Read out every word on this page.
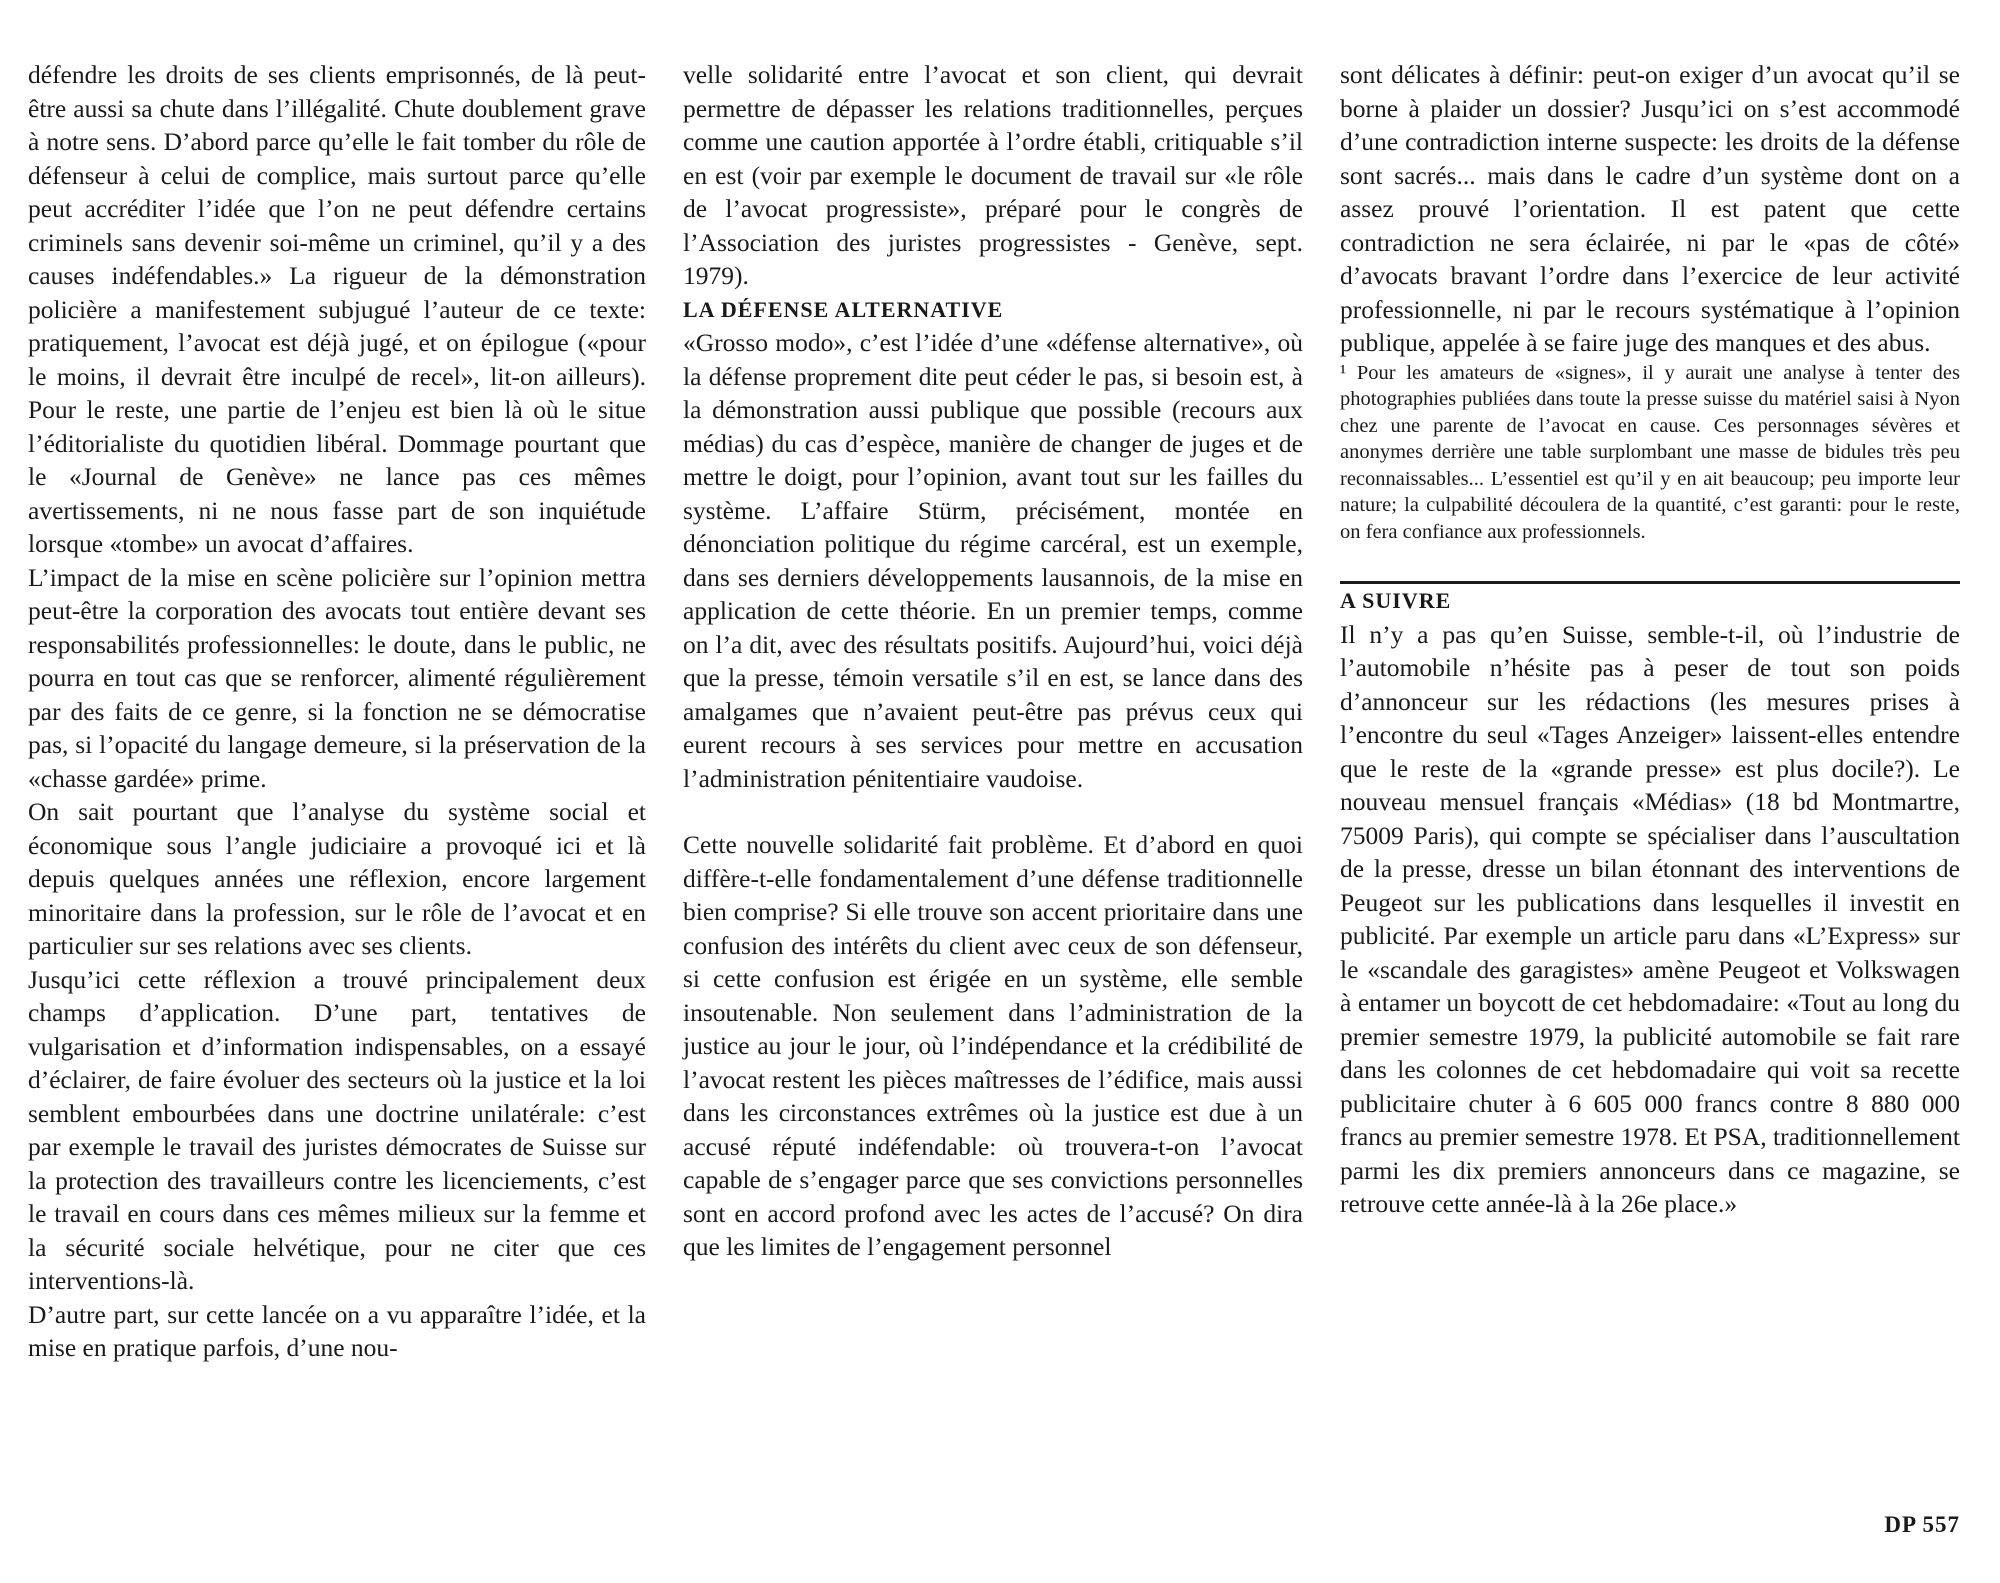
défendre les droits de ses clients emprisonnés, de là peut-être aussi sa chute dans l’illégalité. Chute doublement grave à notre sens. D’abord parce qu’elle le fait tomber du rôle de défenseur à celui de complice, mais surtout parce qu’elle peut accréditer l’idée que l’on ne peut défendre certains criminels sans devenir soi-même un criminel, qu’il y a des causes indéfendables.» La rigueur de la démonstration policière a manifestement subjugué l’auteur de ce texte: pratiquement, l’avocat est déjà jugé, et on épilogue («pour le moins, il devrait être inculpé de recel», lit-on ailleurs). Pour le reste, une partie de l’enjeu est bien là où le situe l’éditorialiste du quotidien libéral. Dommage pourtant que le «Journal de Genève» ne lance pas ces mêmes avertissements, ni ne nous fasse part de son inquiétude lorsque «tombe» un avocat d’affaires.

L’impact de la mise en scène policière sur l’opinion mettra peut-être la corporation des avocats tout entière devant ses responsabilités professionnelles: le doute, dans le public, ne pourra en tout cas que se renforcer, alimenté régulièrement par des faits de ce genre, si la fonction ne se démocratise pas, si l’opacité du langage demeure, si la préservation de la «chasse gardée» prime.

On sait pourtant que l’analyse du système social et économique sous l’angle judiciaire a provoqué ici et là depuis quelques années une réflexion, encore largement minoritaire dans la profession, sur le rôle de l’avocat et en particulier sur ses relations avec ses clients.

Jusqu’ici cette réflexion a trouvé principalement deux champs d’application. D’une part, tentatives de vulgarisation et d’information indispensables, on a essayé d’éclairer, de faire évoluer des secteurs où la justice et la loi semblent embourbées dans une doctrine unilatérale: c’est par exemple le travail des juristes démocrates de Suisse sur la protection des travailleurs contre les licenciements, c’est le travail en cours dans ces mêmes milieux sur la femme et la sécurité sociale helvétique, pour ne citer que ces interventions-là.

D’autre part, sur cette lancée on a vu apparaître l’idée, et la mise en pratique parfois, d’une nou-

velle solidarité entre l’avocat et son client, qui devrait permettre de dépasser les relations traditionnelles, perçues comme une caution apportée à l’ordre établi, critiquable s’il en est (voir par exemple le document de travail sur «le rôle de l’avocat progressiste», préparé pour le congrès de l’Association des juristes progressistes - Genève, sept. 1979).

LA DÉFENSE ALTERNATIVE

«Grosso modo», c’est l’idée d’une «défense alternative», où la défense proprement dite peut céder le pas, si besoin est, à la démonstration aussi publique que possible (recours aux médias) du cas d’espèce, manière de changer de juges et de mettre le doigt, pour l’opinion, avant tout sur les failles du système. L’affaire Stürm, précisément, montée en dénonciation politique du régime carcéral, est un exemple, dans ses derniers développements lausannois, de la mise en application de cette théorie. En un premier temps, comme on l’a dit, avec des résultats positifs. Aujourd’hui, voici déjà que la presse, témoin versatile s’il en est, se lance dans des amalgames que n’avaient peut-être pas prévus ceux qui eurent recours à ses services pour mettre en accusation l’administration pénitentiaire vaudoise.

Cette nouvelle solidarité fait problème. Et d’abord en quoi diffère-t-elle fondamentalement d’une défense traditionnelle bien comprise? Si elle trouve son accent prioritaire dans une confusion des intérêts du client avec ceux de son défenseur, si cette confusion est érigée en un système, elle semble insoutenable. Non seulement dans l’administration de la justice au jour le jour, où l’indépendance et la crédibilité de l’avocat restent les pièces maîtresses de l’édifice, mais aussi dans les circonstances extrêmes où la justice est due à un accusé réputé indéfendable: où trouvera-t-on l’avocat capable de s’engager parce que ses convictions personnelles sont en accord profond avec les actes de l’accusé? On dira que les limites de l’engagement personnel

sont délicates à définir: peut-on exiger d’un avocat qu’il se borne à plaider un dossier? Jusqu’ici on s’est accommodé d’une contradiction interne suspecte: les droits de la défense sont sacrés... mais dans le cadre d’un système dont on a assez prouvé l’orientation. Il est patent que cette contradiction ne sera éclairée, ni par le «pas de côté» d’avocats bravant l’ordre dans l’exercice de leur activité professionnelle, ni par le recours systématique à l’opinion publique, appelée à se faire juge des manques et des abus.

¹ Pour les amateurs de «signes», il y aurait une analyse à tenter des photographies publiées dans toute la presse suisse du matériel saisi à Nyon chez une parente de l’avocat en cause. Ces personnages sévères et anonymes derrière une table surplombant une masse de bidules très peu reconnaissables... L’essentiel est qu’il y en ait beaucoup; peu importe leur nature; la culpabilité découlera de la quantité, c’est garanti: pour le reste, on fera confiance aux professionnels.

A SUIVRE

Il n’y a pas qu’en Suisse, semble-t-il, où l’industrie de l’automobile n’hésite pas à peser de tout son poids d’annonceur sur les rédactions (les mesures prises à l’encontre du seul «Tages Anzeiger» laissent-elles entendre que le reste de la «grande presse» est plus docile?). Le nouveau mensuel français «Médias» (18 bd Montmartre, 75009 Paris), qui compte se spécialiser dans l’auscultation de la presse, dresse un bilan étonnant des interventions de Peugeot sur les publications dans lesquelles il investit en publicité. Par exemple un article paru dans «L’Express» sur le «scandale des garagistes» amène Peugeot et Volkswagen à entamer un boycott de cet hebdomadaire: «Tout au long du premier semestre 1979, la publicité automobile se fait rare dans les colonnes de cet hebdomadaire qui voit sa recette publicitaire chuter à 6 605 000 francs contre 8 880 000 francs au premier semestre 1978. Et PSA, traditionnellement parmi les dix premiers annonceurs dans ce magazine, se retrouve cette année-là à la 26e place.»

DP 557
